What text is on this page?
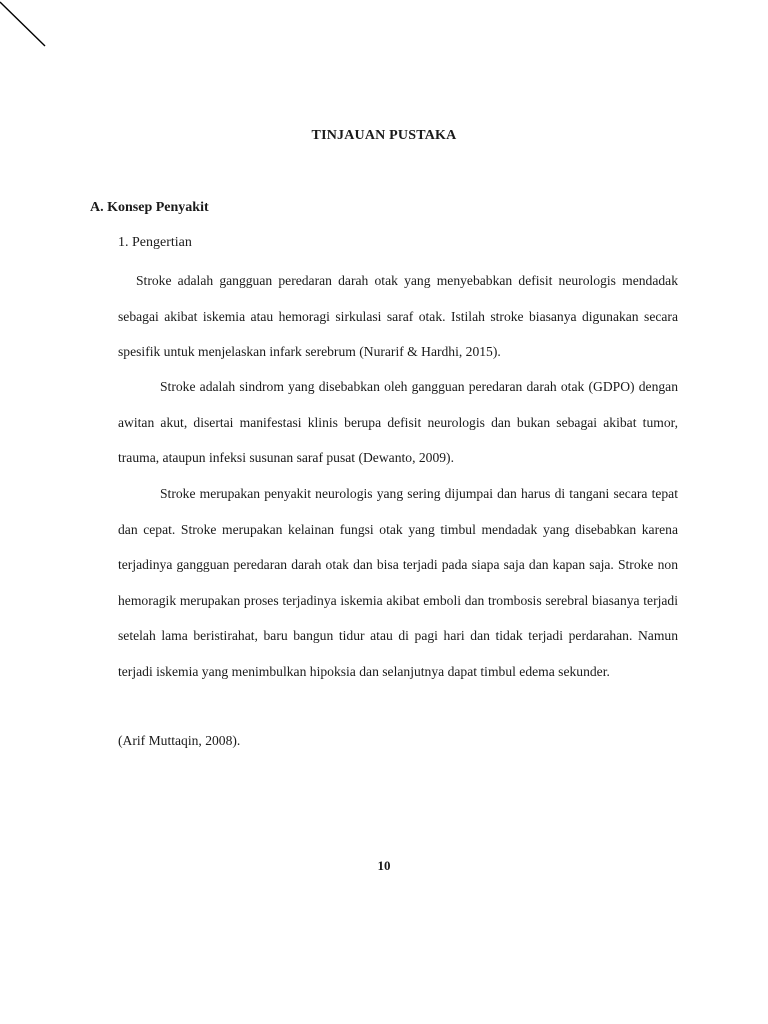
TINJAUAN PUSTAKA
A. Konsep Penyakit
1. Pengertian

Stroke adalah gangguan peredaran darah otak yang menyebabkan defisit neurologis mendadak sebagai akibat iskemia atau hemoragi sirkulasi saraf otak. Istilah stroke biasanya digunakan secara spesifik untuk menjelaskan infark serebrum (Nurarif & Hardhi, 2015).

Stroke adalah sindrom yang disebabkan oleh gangguan peredaran darah otak (GDPO) dengan awitan akut, disertai manifestasi klinis berupa defisit neurologis dan bukan sebagai akibat tumor, trauma, ataupun infeksi susunan saraf pusat (Dewanto, 2009).

Stroke merupakan penyakit neurologis yang sering dijumpai dan harus di tangani secara tepat dan cepat. Stroke merupakan kelainan fungsi otak yang timbul mendadak yang disebabkan karena terjadinya gangguan peredaran darah otak dan bisa terjadi pada siapa saja dan kapan saja. Stroke non hemoragik merupakan proses terjadinya iskemia akibat emboli dan trombosis serebral biasanya terjadi setelah lama beristirahat, baru bangun tidur atau di pagi hari dan tidak terjadi perdarahan. Namun terjadi iskemia yang menimbulkan hipoksia dan selanjutnya dapat timbul edema sekunder.

(Arif Muttaqin, 2008).
10
